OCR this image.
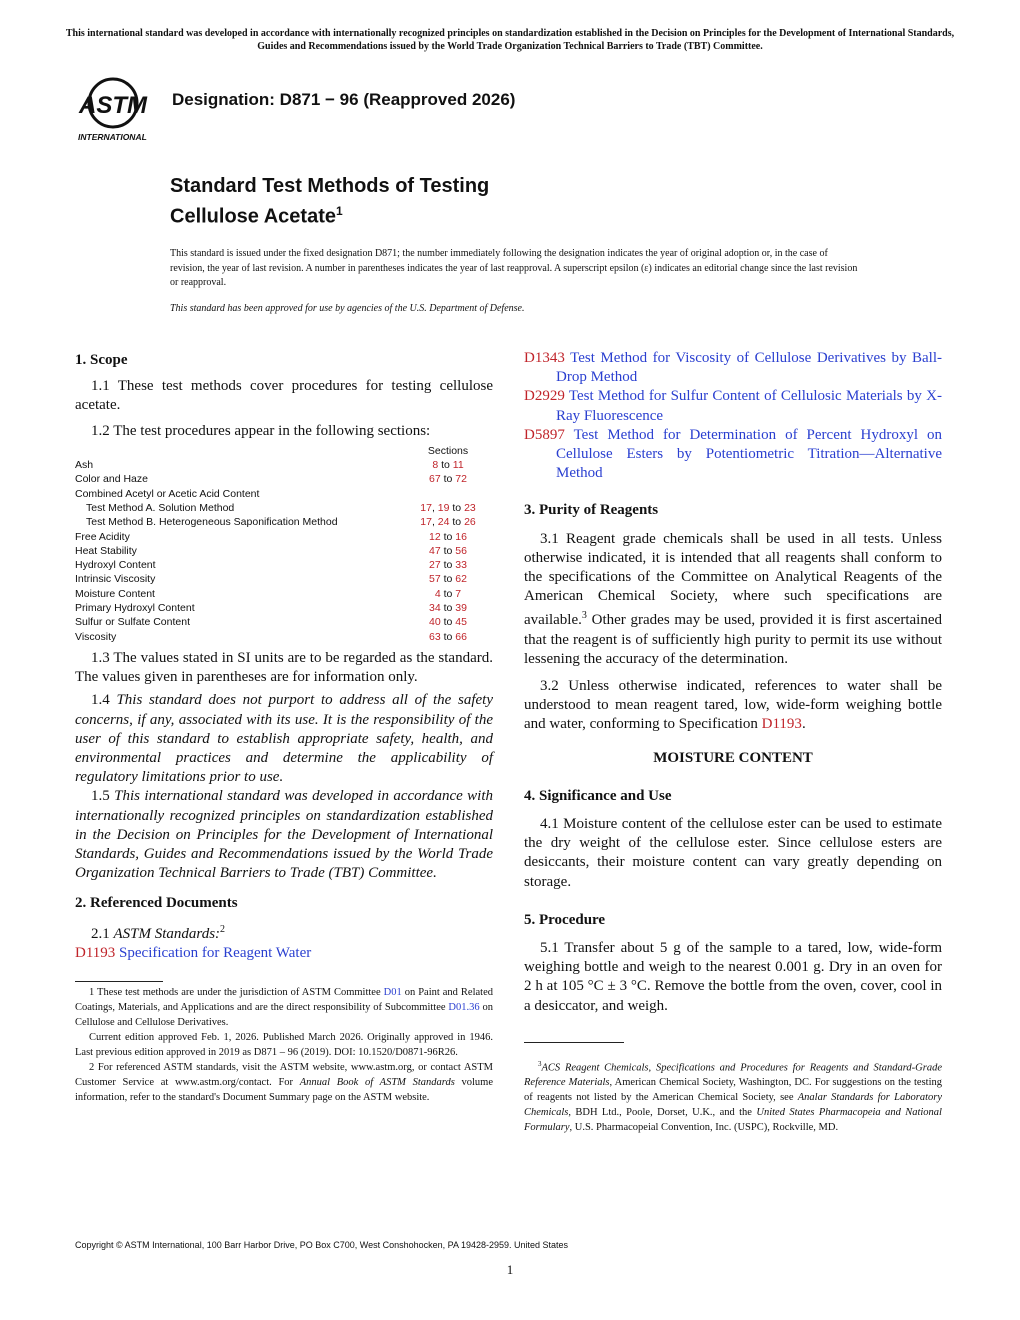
This international standard was developed in accordance with internationally recognized principles on standardization established in the Decision on Principles for the Development of International Standards, Guides and Recommendations issued by the World Trade Organization Technical Barriers to Trade (TBT) Committee.
ASTM
INTERNATIONAL
Designation: D871 − 96 (Reapproved 2026)
Standard Test Methods of Testing
Cellulose Acetate$^1$
This standard is issued under the fixed designation D871; the number immediately following the designation indicates the year of original adoption or, in the case of revision, the year of last revision. A number in parentheses indicates the year of last reapproval. A superscript epsilon (ε) indicates an editorial change since the last revision or reapproval.
This standard has been approved for use by agencies of the U.S. Department of Defense.
1. Scope

1.1 These test methods cover procedures for testing cellulose acetate.

1.2 The test procedures appear in the following sections:

	Sections
Ash	8 to 11
Color and Haze	67 to 72
Combined Acetyl or Acetic Acid Content	
Test Method A. Solution Method	17, 19 to 23
Test Method B. Heterogeneous Saponification Method	17, 24 to 26
Free Acidity	12 to 16
Heat Stability	47 to 56
Hydroxyl Content	27 to 33
Intrinsic Viscosity	57 to 62
Moisture Content	4 to 7
Primary Hydroxyl Content	34 to 39
Sulfur or Sulfate Content	40 to 45
Viscosity	63 to 66

1.3 The values stated in SI units are to be regarded as the standard. The values given in parentheses are for information only.

1.4 This standard does not purport to address all of the safety concerns, if any, associated with its use. It is the responsibility of the user of this standard to establish appropriate safety, health, and environmental practices and determine the applicability of regulatory limitations prior to use.

1.5 This international standard was developed in accordance with internationally recognized principles on standardization established in the Decision on Principles for the Development of International Standards, Guides and Recommendations issued by the World Trade Organization Technical Barriers to Trade (TBT) Committee.

2. Referenced Documents

2.1 ASTM Standards:$^2$

D1193 Specification for Reagent Water
1 These test methods are under the jurisdiction of ASTM Committee D01 on Paint and Related Coatings, Materials, and Applications and are the direct responsibility of Subcommittee D01.36 on Cellulose and Cellulose Derivatives.
Current edition approved Feb. 1, 2026. Published March 2026. Originally approved in 1946. Last previous edition approved in 2019 as D871 – 96 (2019). DOI: 10.1520/D0871-96R26.
2 For referenced ASTM standards, visit the ASTM website, www.astm.org, or contact ASTM Customer Service at www.astm.org/contact. For Annual Book of ASTM Standards volume information, refer to the standard's Document Summary page on the ASTM website.
D1343 Test Method for Viscosity of Cellulose Derivatives by Ball-Drop Method
D2929 Test Method for Sulfur Content of Cellulosic Materials by X-Ray Fluorescence
D5897 Test Method for Determination of Percent Hydroxyl on Cellulose Esters by Potentiometric Titration—Alternative Method
3. Purity of Reagents

3.1 Reagent grade chemicals shall be used in all tests. Unless otherwise indicated, it is intended that all reagents shall conform to the specifications of the Committee on Analytical Reagents of the American Chemical Society, where such specifications are available.$^3$ Other grades may be used, provided it is first ascertained that the reagent is of sufficiently high purity to permit its use without lessening the accuracy of the determination.

3.2 Unless otherwise indicated, references to water shall be understood to mean reagent tared, low, wide-form weighing bottle and water, conforming to Specification D1193.

MOISTURE CONTENT
4. Significance and Use

4.1 Moisture content of the cellulose ester can be used to estimate the dry weight of the cellulose ester. Since cellulose esters are desiccants, their moisture content can vary greatly depending on storage.

5. Procedure

5.1 Transfer about 5 g of the sample to a tared, low, wide-form weighing bottle and weigh to the nearest 0.001 g. Dry in an oven for 2 h at 105 °C ± 3 °C. Remove the bottle from the oven, cover, cool in a desiccator, and weigh.

$^3$ACS Reagent Chemicals, Specifications and Procedures for Reagents and Standard-Grade Reference Materials, American Chemical Society, Washington, DC. For suggestions on the testing of reagents not listed by the American Chemical Society, see Analar Standards for Laboratory Chemicals, BDH Ltd., Poole, Dorset, U.K., and the United States Pharmacopeia and National Formulary, U.S. Pharmacopeial Convention, Inc. (USPC), Rockville, MD.
Copyright © ASTM International, 100 Barr Harbor Drive, PO Box C700, West Conshohocken, PA 19428-2959. United States
1
